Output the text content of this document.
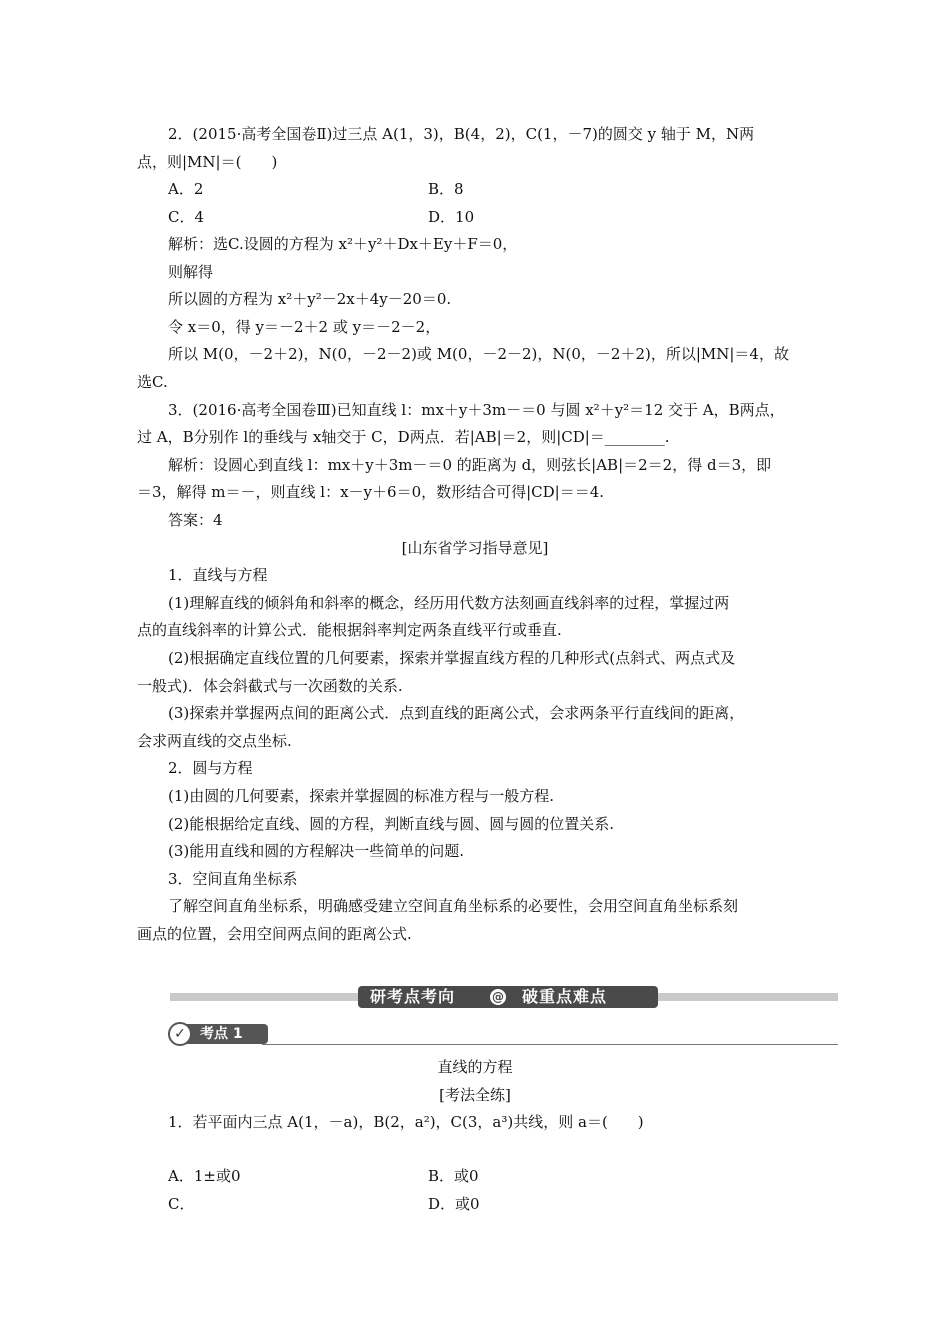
2．(2015·高考全国卷Ⅱ)过三点 A(1，3)，B(4，2)，C(1，－7)的圆交 y 轴于 M，N两
点，则|MN|＝(　　)
A．2	B．8
C．4	D．10
解析：选C.设圆的方程为 x²＋y²＋Dx＋Ey＋F＝0，
则解得
所以圆的方程为 x²＋y²－2x＋4y－20＝0.
令 x＝0，得 y＝－2＋2 或 y＝－2－2，
所以 M(0，－2＋2)，N(0，－2－2)或 M(0，－2－2)，N(0，－2＋2)，所以|MN|＝4，故
选C.
3．(2016·高考全国卷Ⅲ)已知直线 l：mx＋y＋3m－＝0 与圆 x²＋y²＝12 交于 A，B两点，
过 A，B分别作 l的垂线与 x轴交于 C，D两点．若|AB|＝2，则|CD|＝________.
解析：设圆心到直线 l：mx＋y＋3m－＝0 的距离为 d，则弦长|AB|＝2＝2，得 d＝3，即
＝3，解得 m＝－，则直线 l：x－y＋6＝0，数形结合可得|CD|＝＝4.
答案：4
[山东省学习指导意见]
1．直线与方程
(1)理解直线的倾斜角和斜率的概念，经历用代数方法刻画直线斜率的过程，掌握过两
点的直线斜率的计算公式．能根据斜率判定两条直线平行或垂直.
(2)根据确定直线位置的几何要素，探索并掌握直线方程的几种形式(点斜式、两点式及
一般式)．体会斜截式与一次函数的关系.
(3)探索并掌握两点间的距离公式．点到直线的距离公式，会求两条平行直线间的距离，
会求两直线的交点坐标.
2．圆与方程
(1)由圆的几何要素，探索并掌握圆的标准方程与一般方程.
(2)能根据给定直线、圆的方程，判断直线与圆、圆与圆的位置关系.
(3)能用直线和圆的方程解决一些简单的问题.
3．空间直角坐标系
了解空间直角坐标系，明确感受建立空间直角坐标系的必要性，会用空间直角坐标系刻
画点的位置，会用空间两点间的距离公式.
研考点考向	@ 破重点难点
✓	考点 1
直线的方程
[考法全练]
1．若平面内三点 A(1，－a)，B(2，a²)，C(3，a³)共线，则 a＝(　　)
A．1±或0	B．或0
C．	D．或0
